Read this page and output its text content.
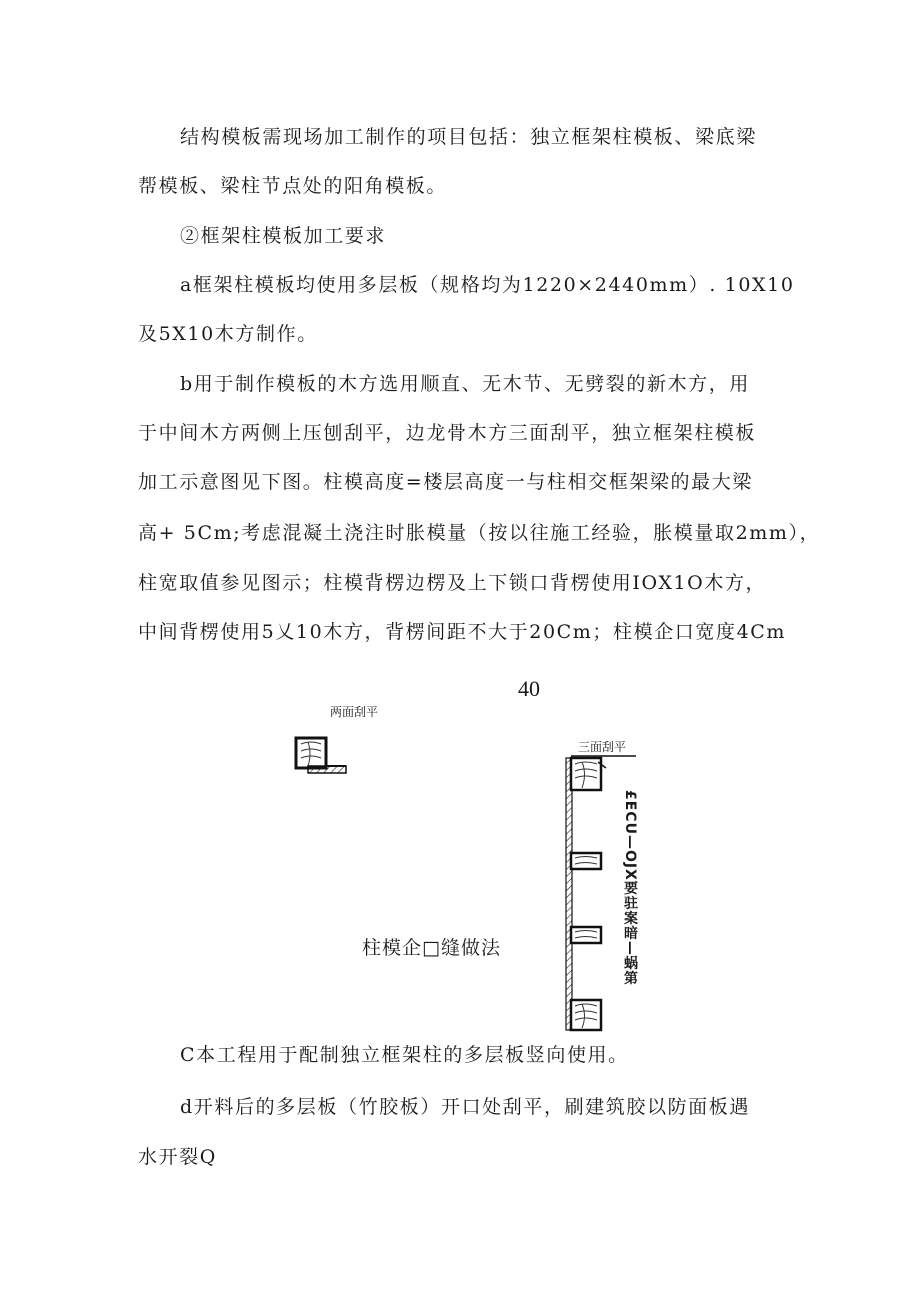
结构模板需现场加工制作的项目包括：独立框架柱模板、梁底梁
帮模板、梁柱节点处的阳角模板。
②框架柱模板加工要求
a框架柱模板均使用多层板（规格均为1220×2440mm）. 10X10
及5X10木方制作。
b用于制作模板的木方选用顺直、无木节、无劈裂的新木方，用
于中间木方两侧上压刨刮平，边龙骨木方三面刮平，独立框架柱模板
加工示意图见下图。柱模高度=楼层高度一与柱相交框架梁的最大梁
高+ 5Cm;考虑混凝土浇注时胀模量（按以往施工经验，胀模量取2mm），
柱宽取值参见图示；柱模背楞边楞及上下锁口背楞使用IOX1O木方，
中间背楞使用5乂10木方，背楞间距不大于20Cm；柱模企口宽度4Cm
40
两面刮平
三面刮平
柱模企□缝做法	£ECU—OJX要驻案暗—蜗第
C本工程用于配制独立框架柱的多层板竖向使用。
d开料后的多层板（竹胶板）开口处刮平，刷建筑胶以防面板遇
水开裂Q
